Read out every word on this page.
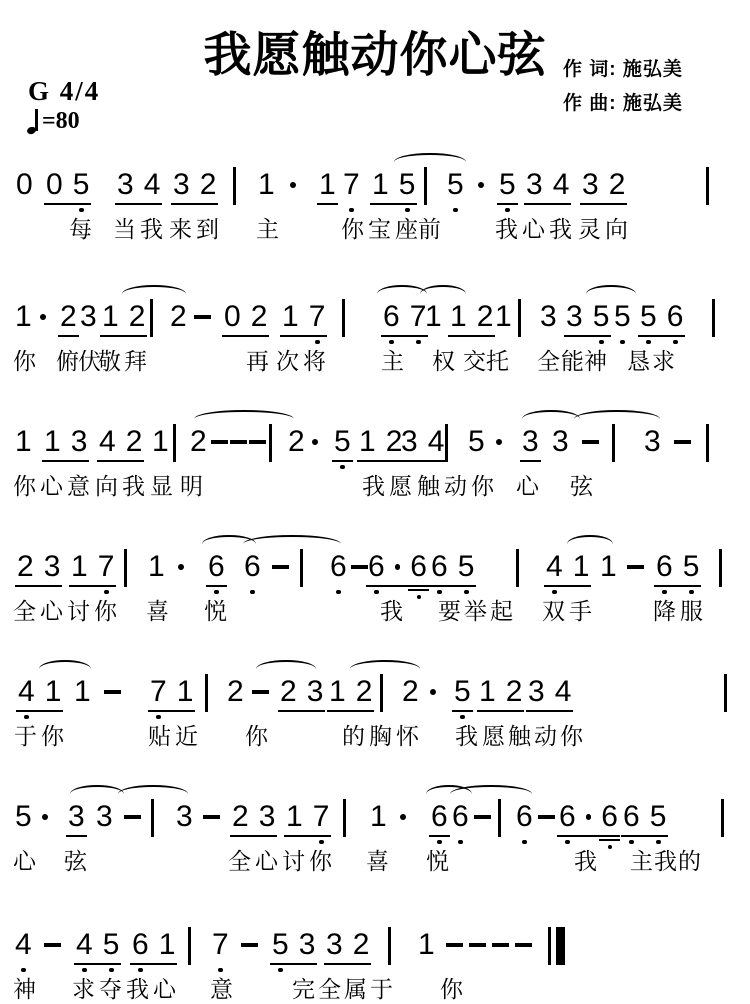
我愿触动你心弦 作 词: 施弘美
作 曲: 施弘美
G 4/4
=80
0 0 5 3 4 3 2 1 1 7 1 5 5 5 3 4 3 2
每 当 我 来 到 主	你 宝 座 前 我 心 我 灵 向
1 2 3 1 2 2 0 2 1 7 6 7
1 1 2 1 3 3 5 5 5 6
你 俯 伏
敬 拜	再 次 将 主 权 交 托 全 能 神 恳 求
1 1 3 4 2 1 2	2 5 1 2
3 4 5 3 3	3
你 心 意 向 我 显 明	我 愿 触 动 你 心 弦
2 3 1 7 1 6 6 6 6 6 6 5 4 1 1 6 5
全 心 讨 你 喜 悦	我 要 举 起 双 手	降 服
4 1 1 7 1 2 2 3 1 2 2 5 1 2 3 4
于 你	贴 近 你	的 胸 怀 我 愿 触 动 你
5 3 3 3 2 3 1 7 1 6 6 6 6 6 6 5
心 弦	全 心 讨 你 喜 悦	我 主 我 的
4 4 5 6 1 7 5 3 3 2 1
神 求 夺 我 心 意	完 全 属 于 你
